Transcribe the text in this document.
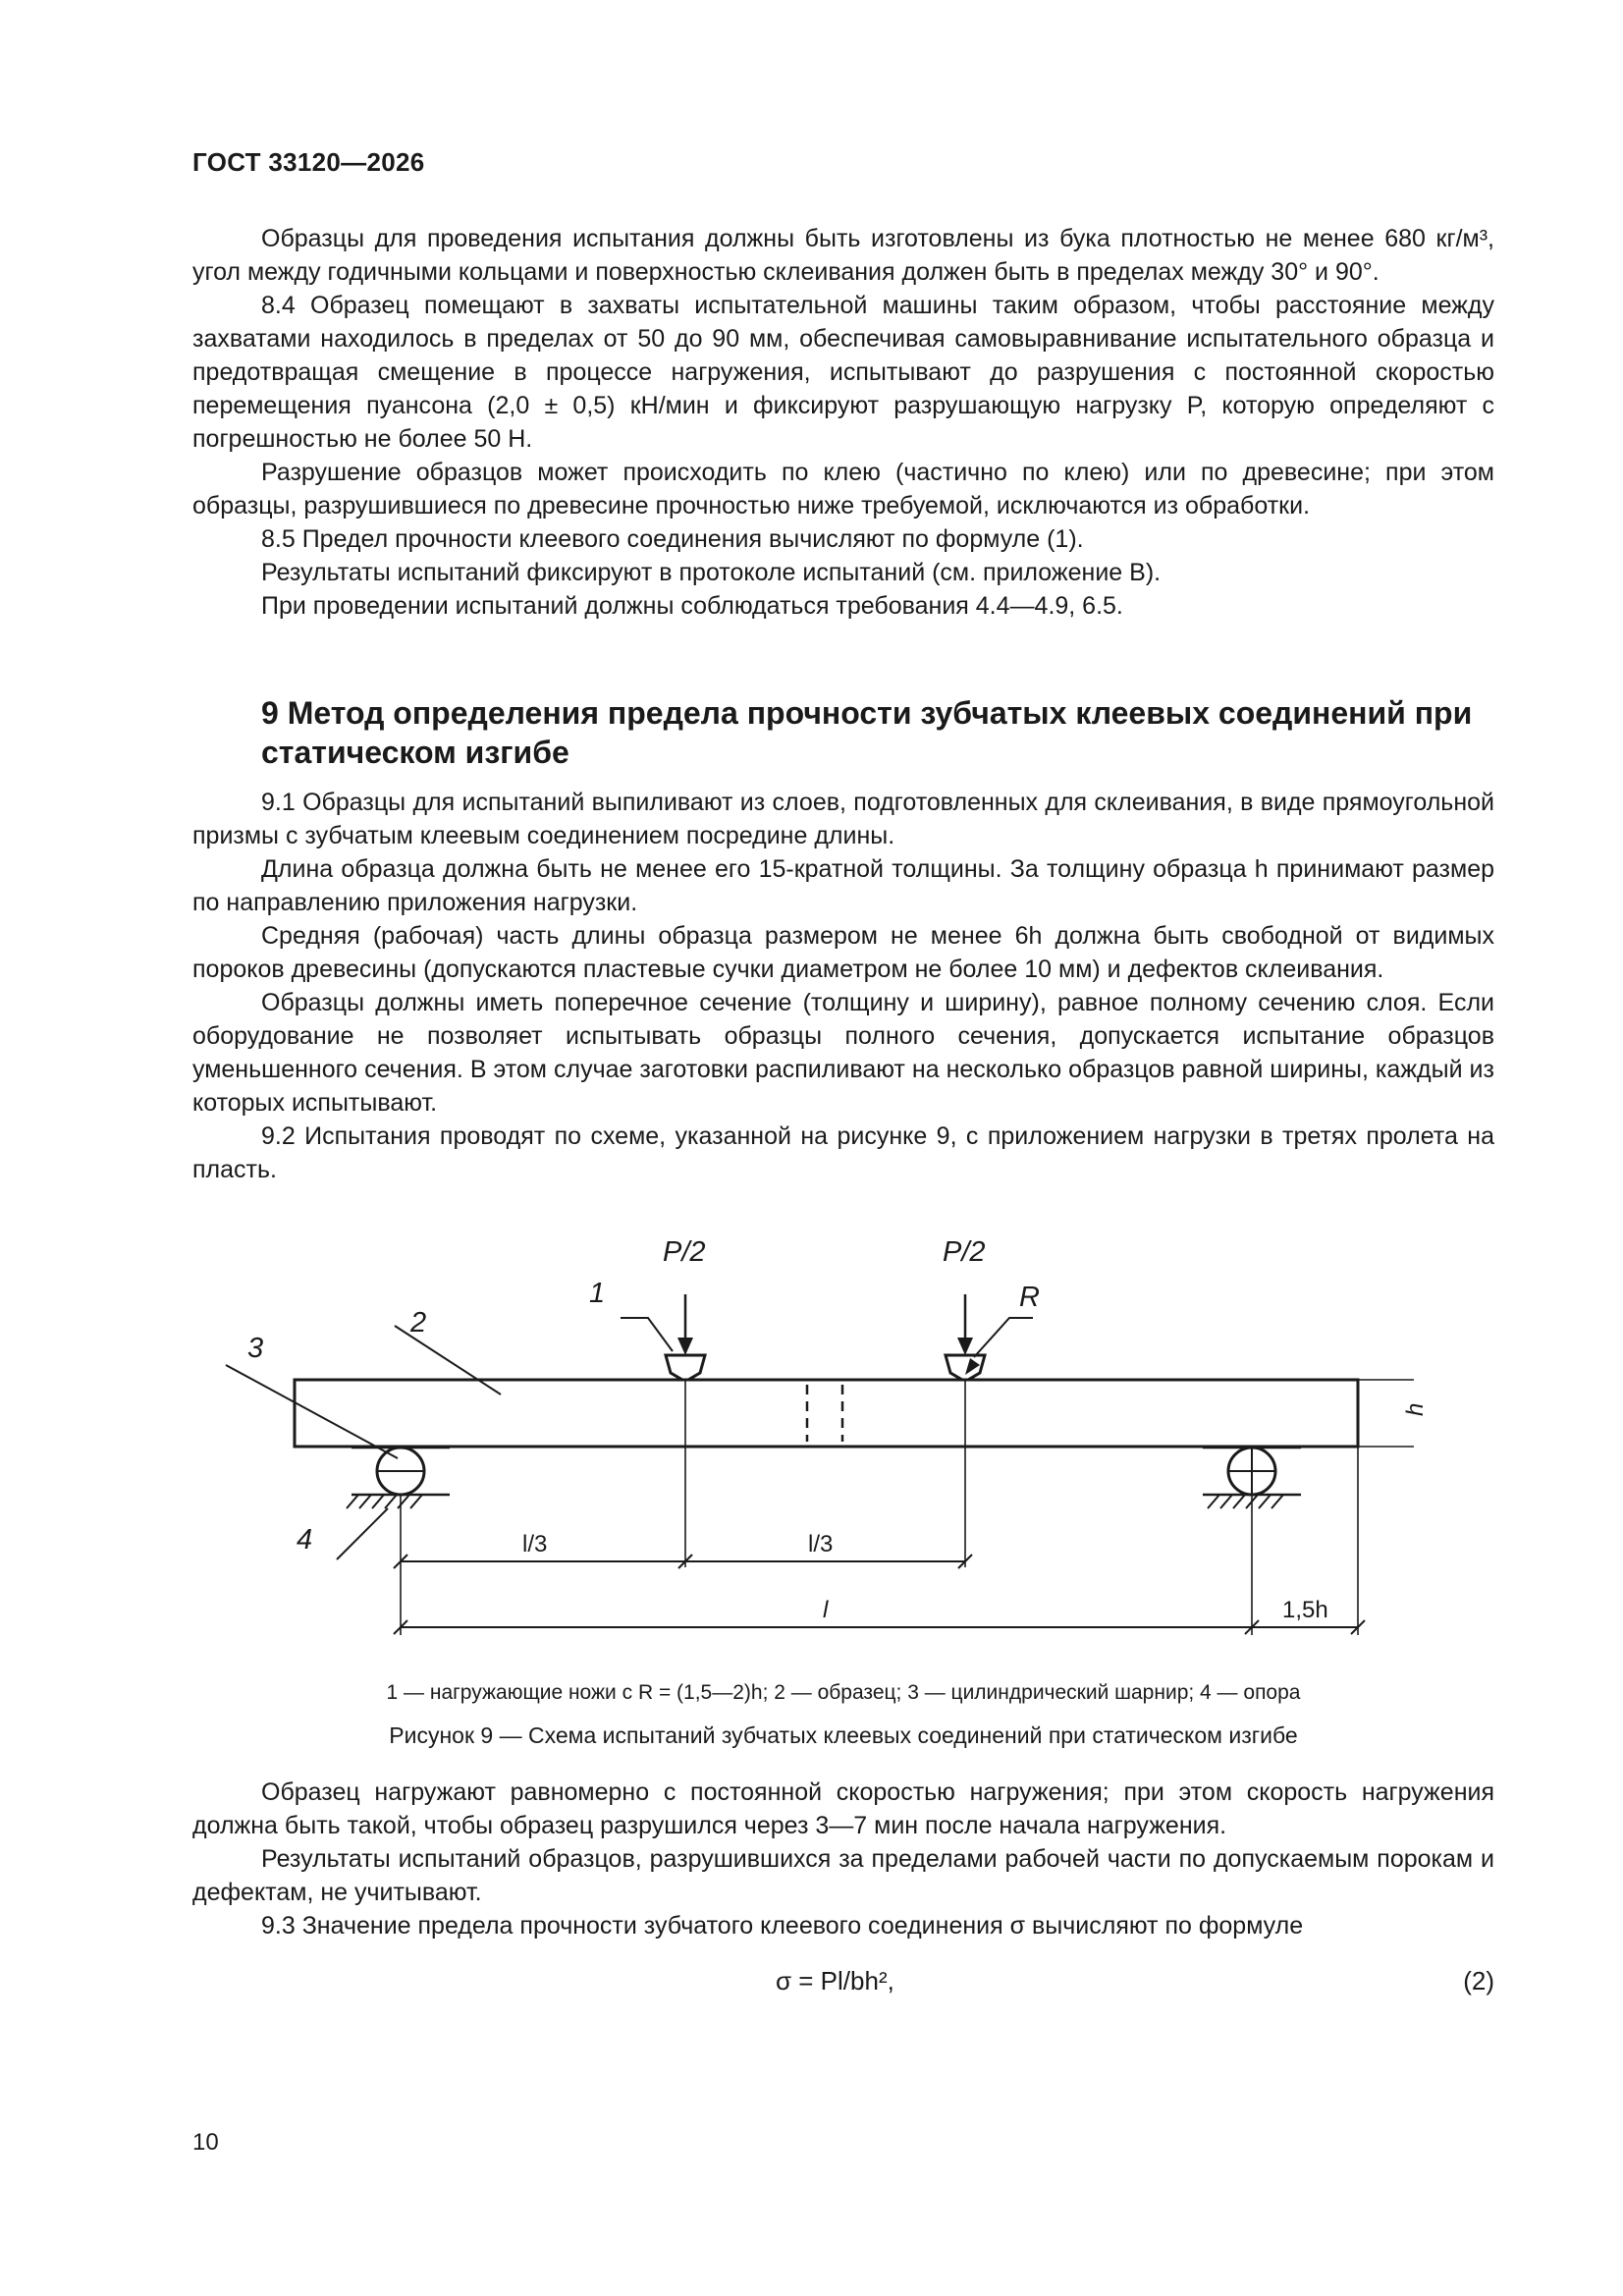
ГОСТ 33120—2026

Образцы для проведения испытания должны быть изготовлены из бука плотностью не менее 680 кг/м³, угол между годичными кольцами и поверхностью склеивания должен быть в пределах между 30° и 90°.

8.4 Образец помещают в захваты испытательной машины таким образом, чтобы расстояние между захватами находилось в пределах от 50 до 90 мм, обеспечивая самовыравнивание испытательного образца и предотвращая смещение в процессе нагружения, испытывают до разрушения с постоянной скоростью перемещения пуансона (2,0 ± 0,5) кН/мин и фиксируют разрушающую нагрузку P, которую определяют с погрешностью не более 50 Н.

Разрушение образцов может происходить по клею (частично по клею) или по древесине; при этом образцы, разрушившиеся по древесине прочностью ниже требуемой, исключаются из обработки.

8.5 Предел прочности клеевого соединения вычисляют по формуле (1).

Результаты испытаний фиксируют в протоколе испытаний (см. приложение В).

При проведении испытаний должны соблюдаться требования 4.4—4.9, 6.5.

9 Метод определения предела прочности зубчатых клеевых соединений при статическом изгибе

9.1 Образцы для испытаний выпиливают из слоев, подготовленных для склеивания, в виде прямоугольной призмы с зубчатым клеевым соединением посредине длины.

Длина образца должна быть не менее его 15-кратной толщины. За толщину образца h принимают размер по направлению приложения нагрузки.

Средняя (рабочая) часть длины образца размером не менее 6h должна быть свободной от видимых пороков древесины (допускаются пластевые сучки диаметром не более 10 мм) и дефектов склеивания.

Образцы должны иметь поперечное сечение (толщину и ширину), равное полному сечению слоя. Если оборудование не позволяет испытывать образцы полного сечения, допускается испытание образцов уменьшенного сечения. В этом случае заготовки распиливают на несколько образцов равной ширины, каждый из которых испытывают.

9.2 Испытания проводят по схеме, указанной на рисунке 9, с приложением нагрузки в третях пролета на пласть.

P/2	P/2
R
1
2
3
4
h
l/3	l/3
l	1,5h
1 — нагружающие ножи с R = (1,5—2)h; 2 — образец; 3 — цилиндрический шарнир; 4 — опора
Рисунок 9 — Схема испытаний зубчатых клеевых соединений при статическом изгибе

Образец нагружают равномерно с постоянной скоростью нагружения; при этом скорость нагружения должна быть такой, чтобы образец разрушился через 3—7 мин после начала нагружения.

Результаты испытаний образцов, разрушившихся за пределами рабочей части по допускаемым порокам и дефектам, не учитывают.

9.3 Значение предела прочности зубчатого клеевого соединения σ вычисляют по формуле

σ = Pl/bh²,	(2)
10
